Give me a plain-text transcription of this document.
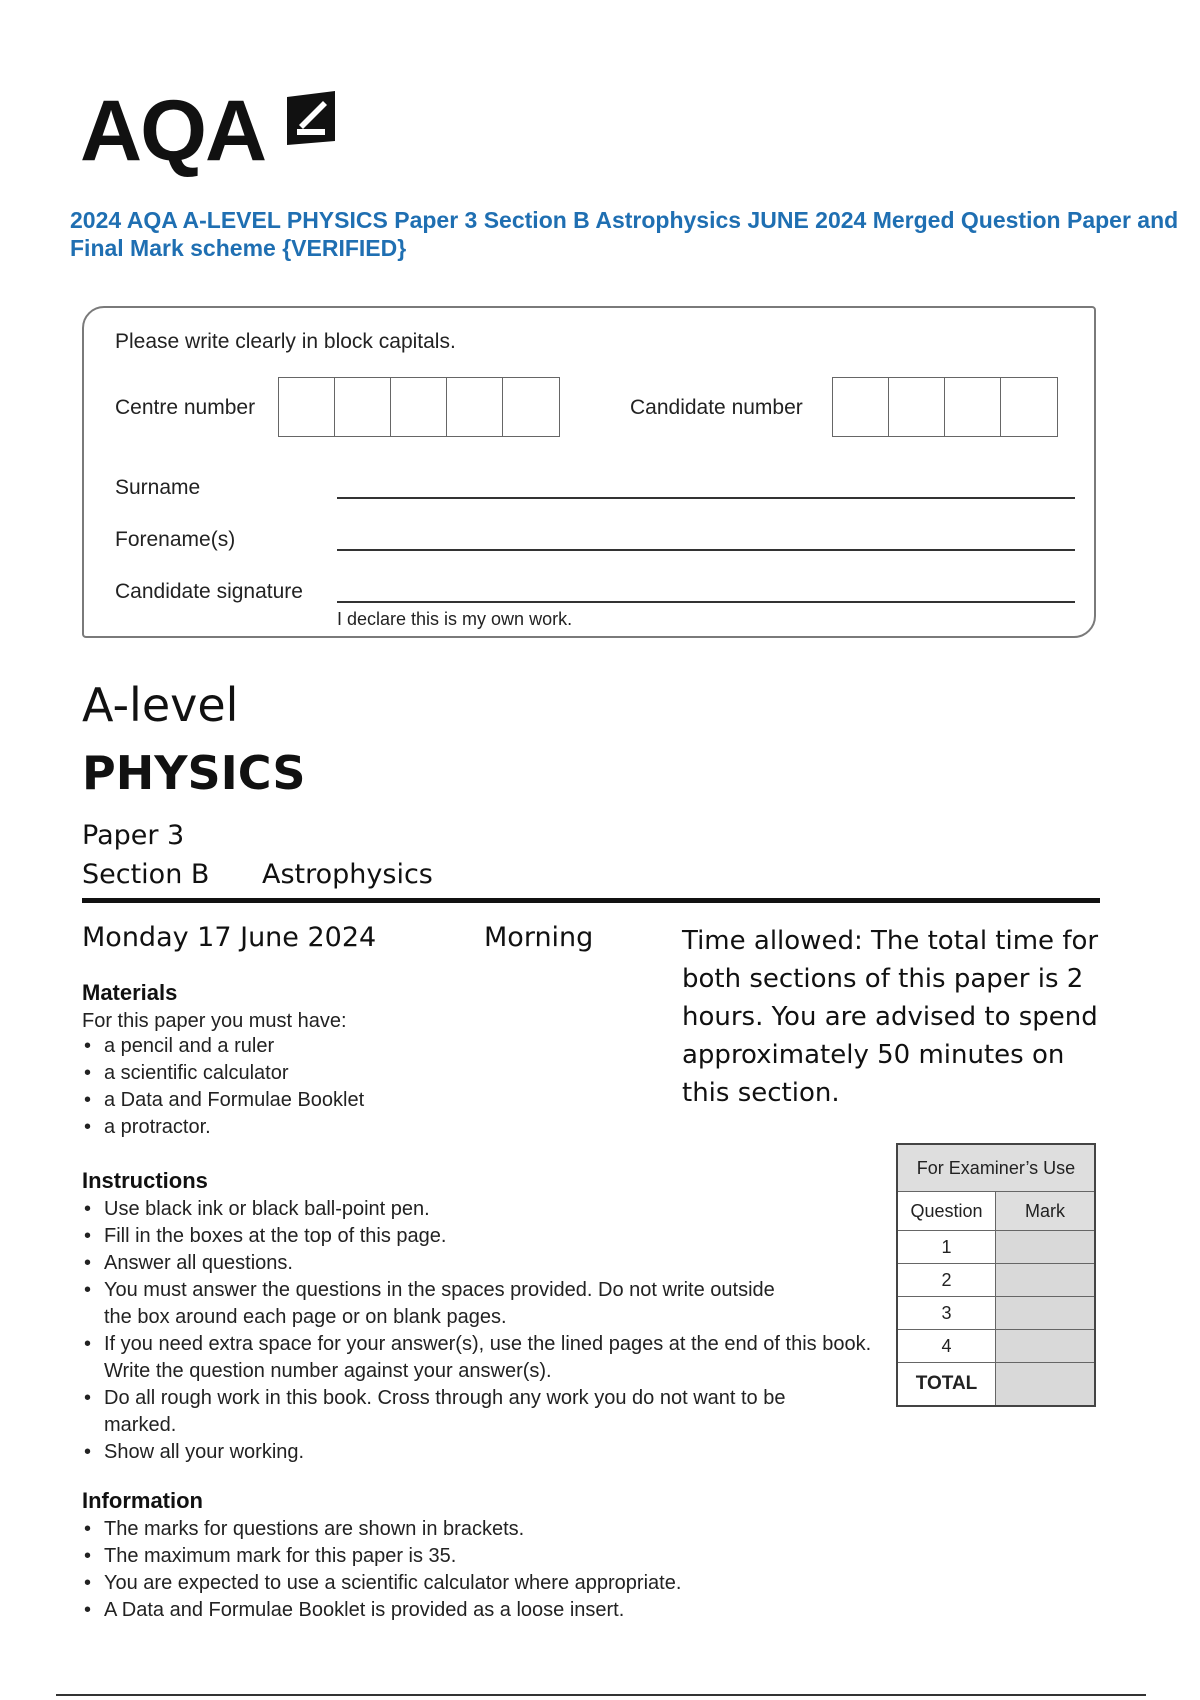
AQA
2024 AQA A-LEVEL PHYSICS Paper 3 Section B Astrophysics JUNE 2024 Merged Question Paper and Final Mark scheme {VERIFIED}
Please write clearly in block capitals.
Centre number	Candidate number
Surname
Forename(s)
Candidate signature
I declare this is my own work.
A-level
PHYSICS
Paper 3
Section B Astrophysics
Monday 17 June 2024	Morning	Time allowed: The total time for both sections of this paper is 2 hours. You are advised to spend approximately 50 minutes on this section.
Materials
For this paper you must have:
• a pencil and a ruler
• a scientific calculator
• a Data and Formulae Booklet
• a protractor.
Instructions
• Use black ink or black ball-point pen.
• Fill in the boxes at the top of this page.
• Answer all questions.
• You must answer the questions in the spaces provided. Do not write outside the box around each page or on blank pages.
• If you need extra space for your answer(s), use the lined pages at the end of this book. Write the question number against your answer(s).
• Do all rough work in this book. Cross through any work you do not want to be marked.
• Show all your working.
Information
• The marks for questions are shown in brackets.
• The maximum mark for this paper is 35.
• You are expected to use a scientific calculator where appropriate.
• A Data and Formulae Booklet is provided as a loose insert.
For Examiner’s Use	
Question	Mark
1	
2	
3	
4	
TOTAL	
